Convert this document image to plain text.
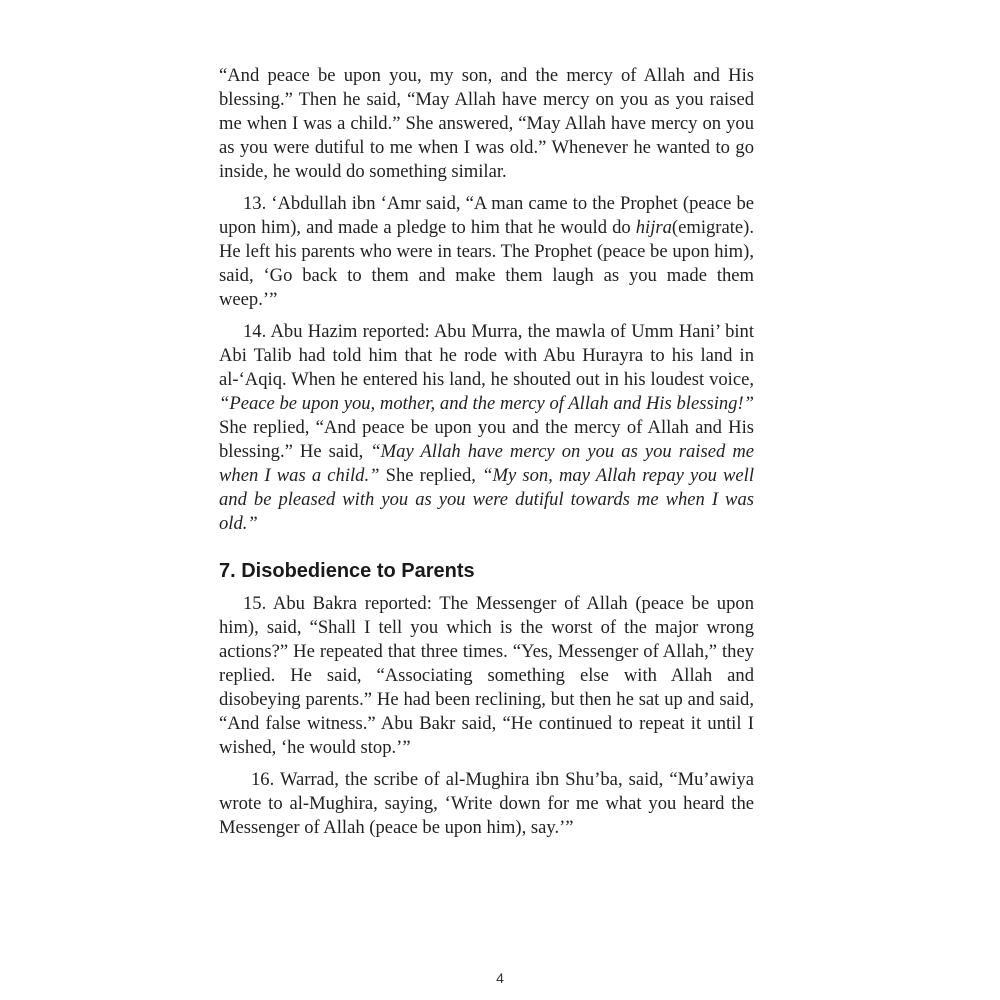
“And peace be upon you, my son, and the mercy of Allah and His blessing.” Then he said, “May Allah have mercy on you as you raised me when I was a child.” She answered, “May Allah have mercy on you as you were dutiful to me when I was old.” Whenever he wanted to go inside, he would do something similar.

13. ‘Abdullah ibn ‘Amr said, “A man came to the Prophet (peace be upon him), and made a pledge to him that he would do hijra(emigrate). He left his parents who were in tears. The Prophet (peace be upon him), said, ‘Go back to them and make them laugh as you made them weep.’”

14. Abu Hazim reported: Abu Murra, the mawla of Umm Hani’ bint Abi Talib had told him that he rode with Abu Hurayra to his land in al-‘Aqiq. When he entered his land, he shouted out in his loudest voice, “Peace be upon you, mother, and the mercy of Allah and His blessing!” She replied, “And peace be upon you and the mercy of Allah and His blessing.” He said, “May Allah have mercy on you as you raised me when I was a child.” She replied, “My son, may Allah repay you well and be pleased with you as you were dutiful towards me when I was old.”

7. Disobedience to Parents

15. Abu Bakra reported: The Messenger of Allah (peace be upon him), said, “Shall I tell you which is the worst of the major wrong actions?” He repeated that three times. “Yes, Messenger of Allah,” they replied. He said, “Associating something else with Allah and disobeying parents.” He had been reclining, but then he sat up and said, “And false witness.” Abu Bakr said, “He continued to repeat it until I wished, ‘he would stop.’”

16. Warrad, the scribe of al-Mughira ibn Shu’ba, said, “Mu’awiya wrote to al-Mughira, saying, ‘Write down for me what you heard the Messenger of Allah (peace be upon him), say.’”

4
